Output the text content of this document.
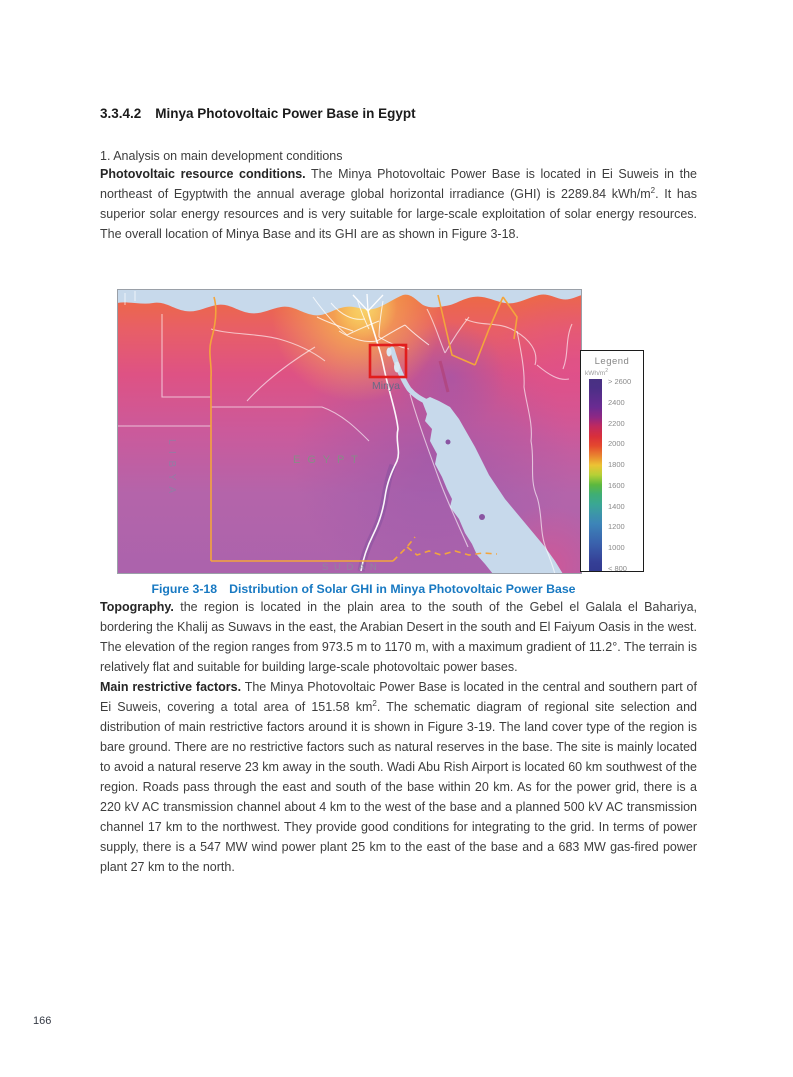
3.3.4.2 Minya Photovoltaic Power Base in Egypt
1. Analysis on main development conditions

Photovoltaic resource conditions. The Minya Photovoltaic Power Base is located in Ei Suweis in the northeast of Egyptwith the annual average global horizontal irradiance (GHI) is 2289.84 kWh/$m^2$. It has superior solar energy resources and is very suitable for large-scale exploitation of solar energy resources. The overall location of Minya Base and its GHI are as shown in Figure 3-18.

E G Y P T
L I B Y A
S U D A N
Minya
Legend
kWh/$m^2$
> 2600
2400
2200
2000
1800
1600
1400
1200
1000
< 800
Figure 3-18 Distribution of Solar GHI in Minya Photovoltaic Power Base

Topography. the region is located in the plain area to the south of the Gebel el Galala el Bahariya, bordering the Khalij as Suwavs in the east, the Arabian Desert in the south and El Faiyum Oasis in the west. The elevation of the region ranges from 973.5 m to 1170 m, with a maximum gradient of 11.2°. The terrain is relatively flat and suitable for building large-scale photovoltaic power bases.

Main restrictive factors. The Minya Photovoltaic Power Base is located in the central and southern part of Ei Suweis, covering a total area of 151.58 $km^2$. The schematic diagram of regional site selection and distribution of main restrictive factors around it is shown in Figure 3-19. The land cover type of the region is bare ground. There are no restrictive factors such as natural reserves in the base. The site is mainly located to avoid a natural reserve 23 km away in the south. Wadi Abu Rish Airport is located 60 km southwest of the region. Roads pass through the east and south of the base within 20 km. As for the power grid, there is a 220 kV AC transmission channel about 4 km to the west of the base and a planned 500 kV AC transmission channel 17 km to the northwest. They provide good conditions for integrating to the grid. In terms of power supply, there is a 547 MW wind power plant 25 km to the east of the base and a 683 MW gas-fired power plant 27 km to the north.

166
